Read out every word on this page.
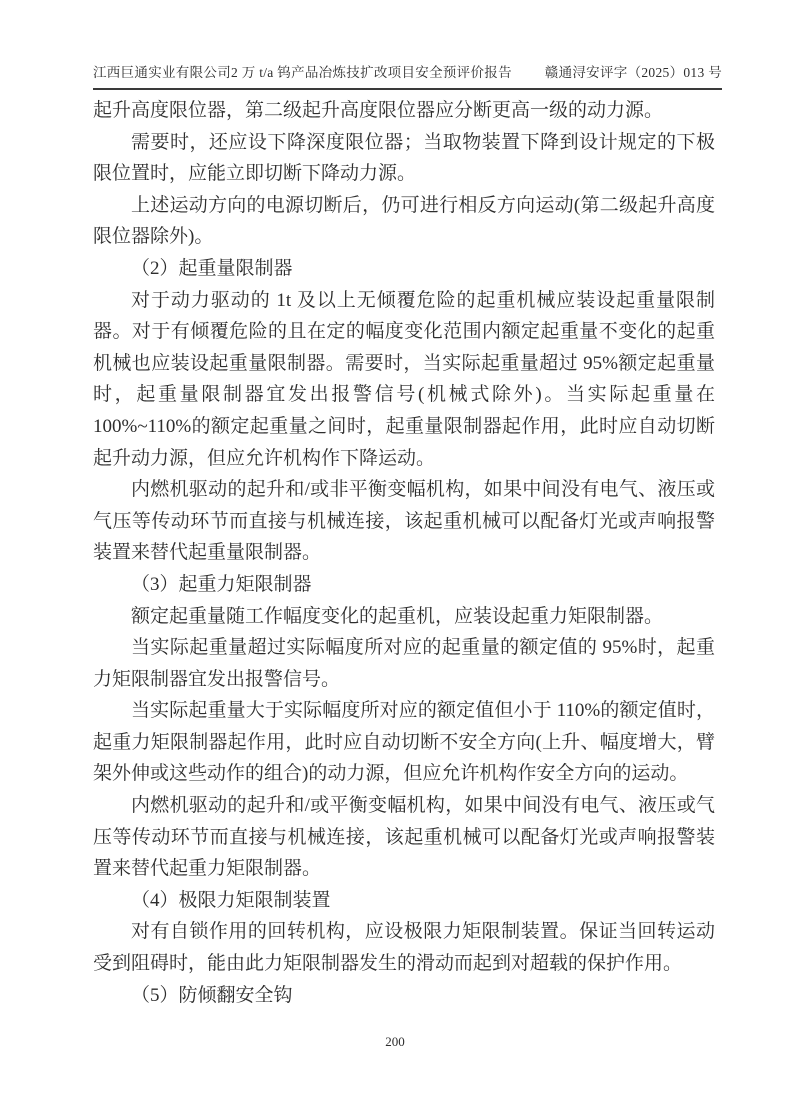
江西巨通实业有限公司2 万 t/a 钨产品冶炼技扩改项目安全预评价报告 赣通浔安评字（2025）013 号

起升高度限位器，第二级起升高度限位器应分断更高一级的动力源。

需要时，还应设下降深度限位器；当取物装置下降到设计规定的下极限位置时，应能立即切断下降动力源。

上述运动方向的电源切断后，仍可进行相反方向运动(第二级起升高度限位器除外)。

（2）起重量限制器

对于动力驱动的 1t 及以上无倾覆危险的起重机械应装设起重量限制器。对于有倾覆危险的且在定的幅度变化范围内额定起重量不变化的起重机械也应装设起重量限制器。需要时，当实际起重量超过 95%额定起重量时，起重量限制器宜发出报警信号(机械式除外)。当实际起重量在 100%~110%的额定起重量之间时，起重量限制器起作用，此时应自动切断起升动力源，但应允许机构作下降运动。

内燃机驱动的起升和/或非平衡变幅机构，如果中间没有电气、液压或气压等传动环节而直接与机械连接，该起重机械可以配备灯光或声响报警装置来替代起重量限制器。

（3）起重力矩限制器

额定起重量随工作幅度变化的起重机，应装设起重力矩限制器。

当实际起重量超过实际幅度所对应的起重量的额定值的 95%时，起重力矩限制器宜发出报警信号。

当实际起重量大于实际幅度所对应的额定值但小于 110%的额定值时，起重力矩限制器起作用，此时应自动切断不安全方向(上升、幅度增大，臂架外伸或这些动作的组合)的动力源，但应允许机构作安全方向的运动。

内燃机驱动的起升和/或平衡变幅机构，如果中间没有电气、液压或气压等传动环节而直接与机械连接，该起重机械可以配备灯光或声响报警装置来替代起重力矩限制器。

（4）极限力矩限制装置

对有自锁作用的回转机构，应设极限力矩限制装置。保证当回转运动受到阻碍时，能由此力矩限制器发生的滑动而起到对超载的保护作用。

（5）防倾翻安全钩

200
